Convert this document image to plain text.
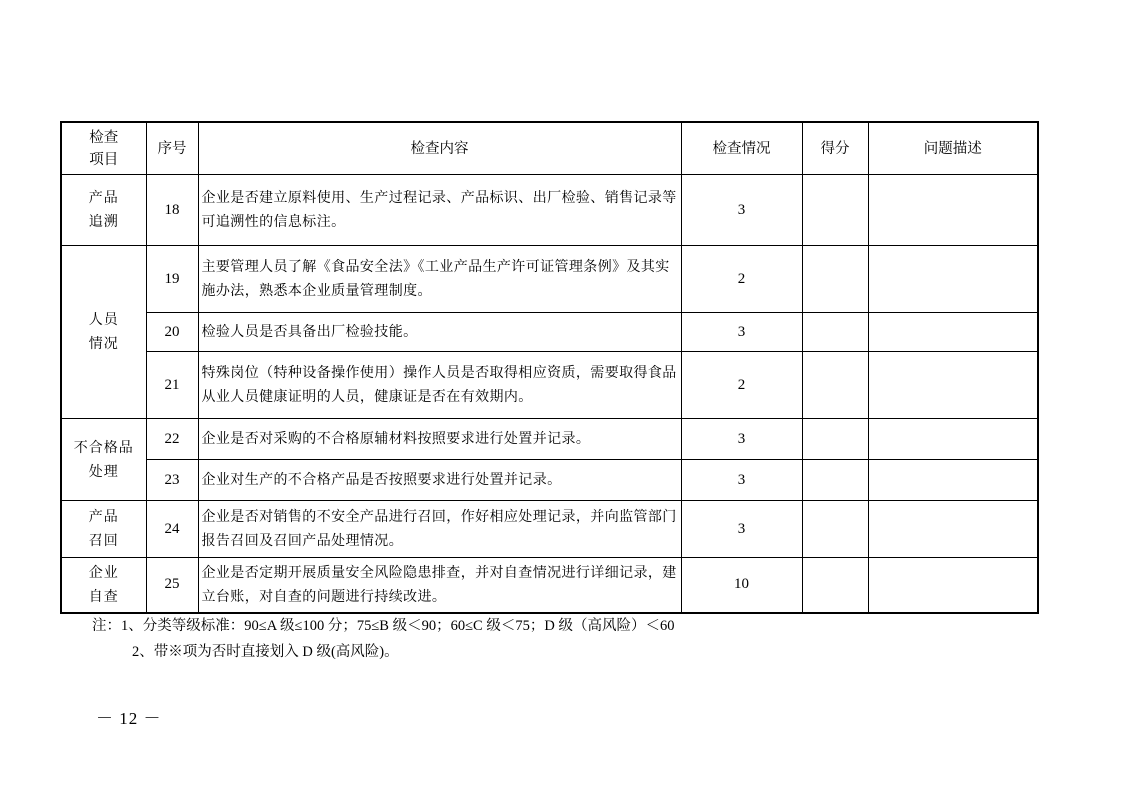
检查
项目	序号	检查内容	检查情况	得分	问题描述

产品
追溯	18	企业是否建立原料使用、生产过程记录、产品标识、出厂检验、销售记录等可追溯性的信息标注。	3		

人员
情况	19	主要管理人员了解《食品安全法》《工业产品生产许可证管理条例》及其实施办法，熟悉本企业质量管理制度。	2		
	20	检验人员是否具备出厂检验技能。	3		
	21	特殊岗位（特种设备操作使用）操作人员是否取得相应资质，需要取得食品从业人员健康证明的人员，健康证是否在有效期内。	2		

不合格品
处理	22	企业是否对采购的不合格原辅材料按照要求进行处置并记录。	3		
	23	企业对生产的不合格产品是否按照要求进行处置并记录。	3		

产品
召回	24	企业是否对销售的不安全产品进行召回，作好相应处理记录，并向监管部门报告召回及召回产品处理情况。	3		

企业
自查	25	企业是否定期开展质量安全风险隐患排查，并对自查情况进行详细记录，建立台账，对自查的问题进行持续改进。	10		
注：1、分类等级标准：90≤A 级≤100 分；75≤B 级＜90；60≤C 级＜75；D 级（高风险）＜60
2、带※项为否时直接划入 D 级(高风险)。
－ 12 －
